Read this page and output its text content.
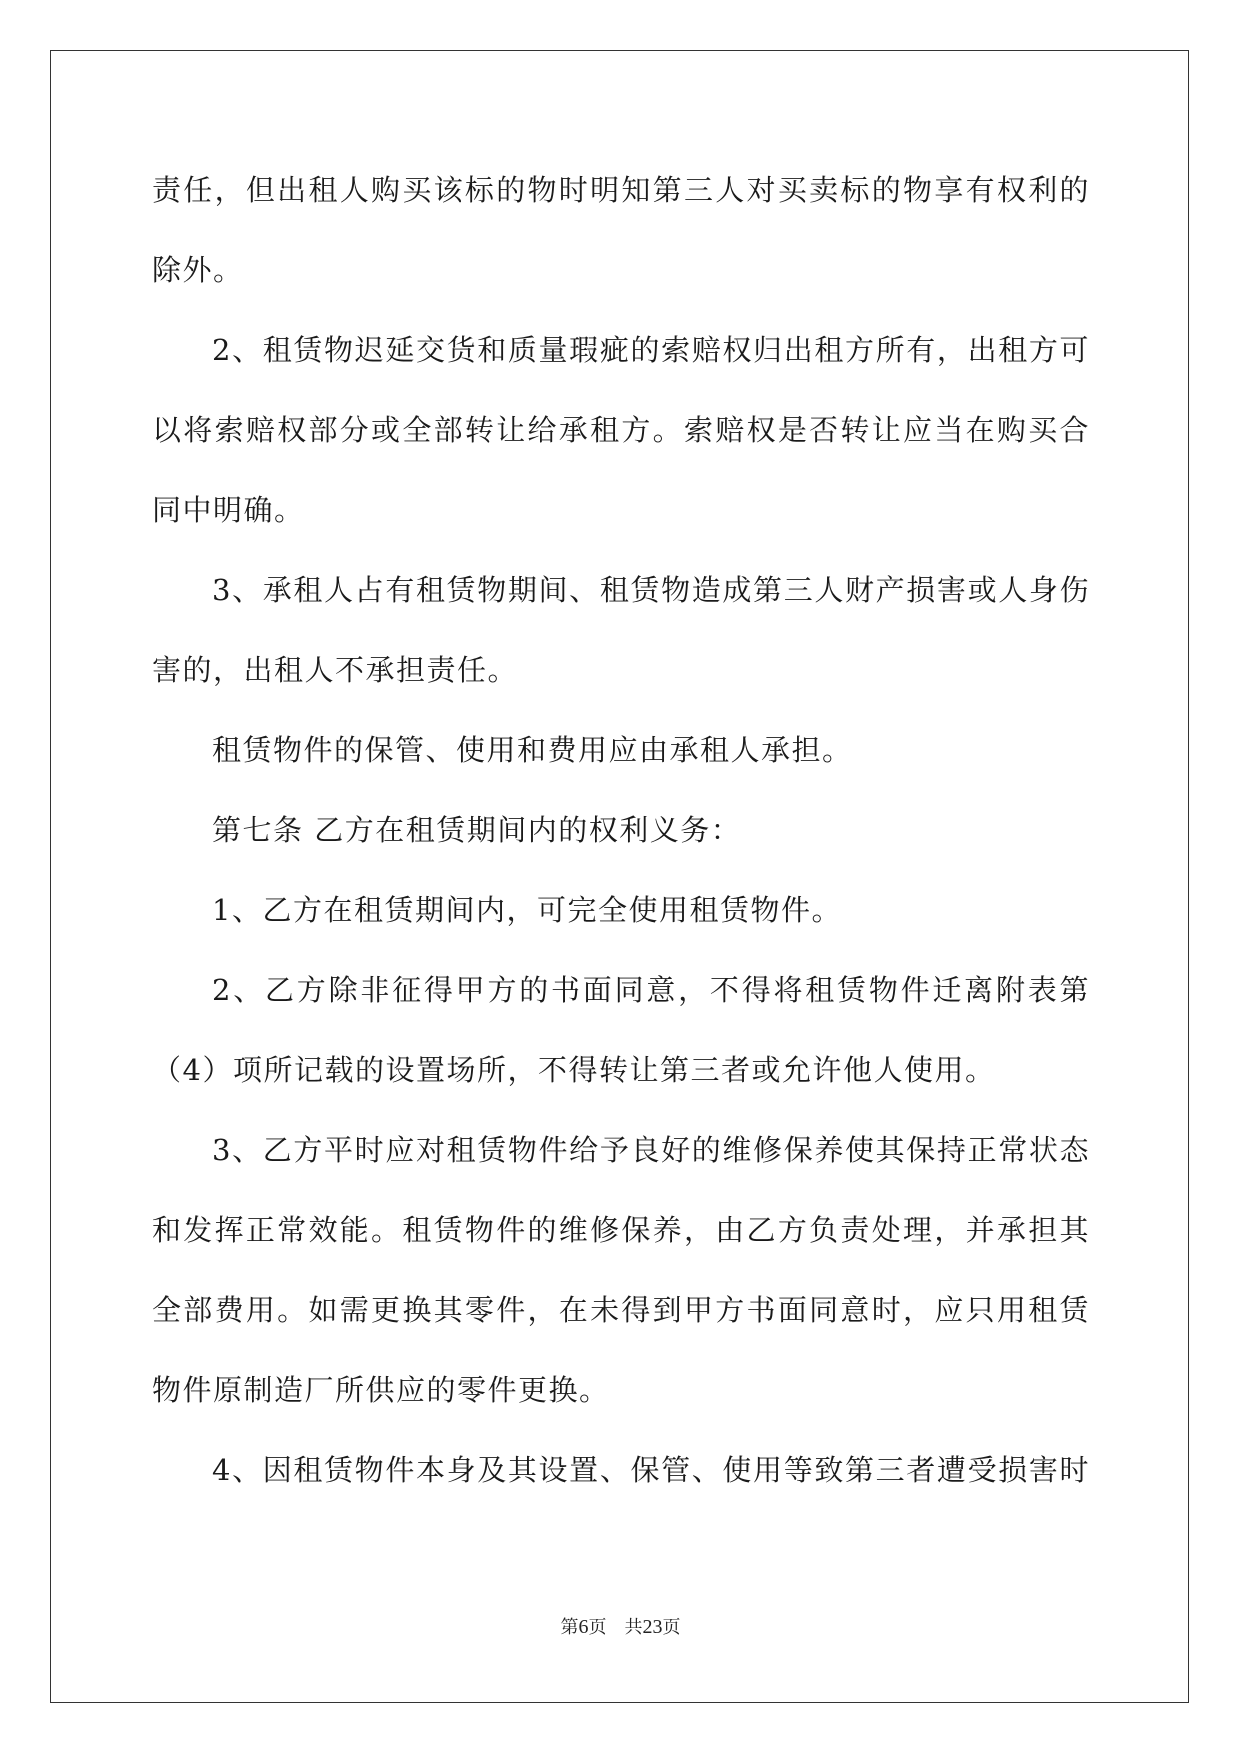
责任，但出租人购买该标的物时明知第三人对买卖标的物享有权利的
除外。
2、租赁物迟延交货和质量瑕疵的索赔权归出租方所有，出租方可
以将索赔权部分或全部转让给承租方。索赔权是否转让应当在购买合
同中明确。
3、承租人占有租赁物期间、租赁物造成第三人财产损害或人身伤
害的，出租人不承担责任。
租赁物件的保管、使用和费用应由承租人承担。
第七条 乙方在租赁期间内的权利义务：
1、乙方在租赁期间内，可完全使用租赁物件。
2、乙方除非征得甲方的书面同意，不得将租赁物件迁离附表第
（4）项所记载的设置场所，不得转让第三者或允许他人使用。
3、乙方平时应对租赁物件给予良好的维修保养使其保持正常状态
和发挥正常效能。租赁物件的维修保养，由乙方负责处理，并承担其
全部费用。如需更换其零件，在未得到甲方书面同意时，应只用租赁
物件原制造厂所供应的零件更换。
4、因租赁物件本身及其设置、保管、使用等致第三者遭受损害时
第6页 共23页
